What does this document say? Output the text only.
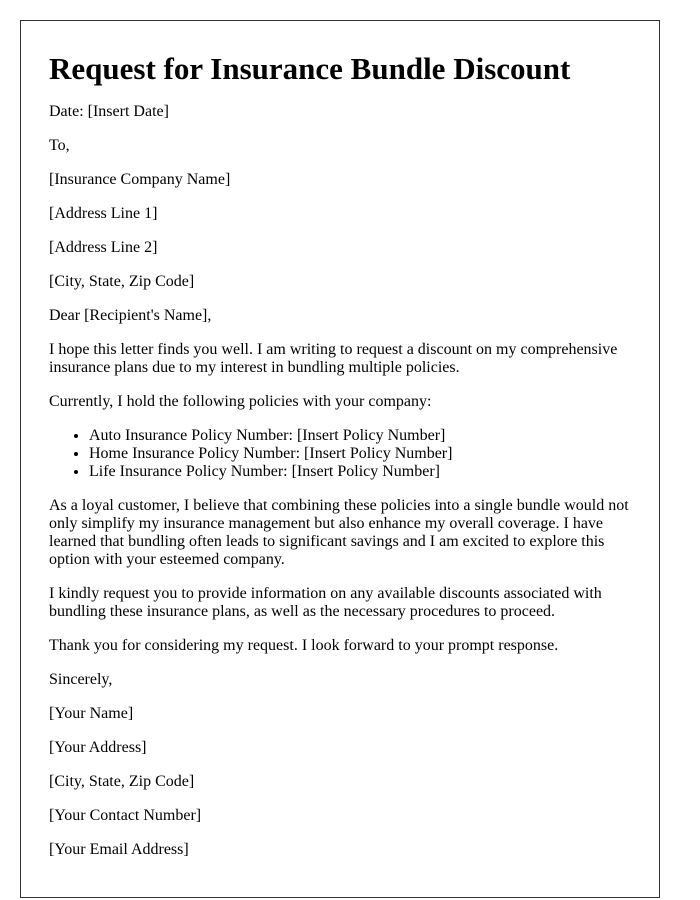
Request for Insurance Bundle Discount

Date: [Insert Date]

To,

[Insurance Company Name]

[Address Line 1]

[Address Line 2]

[City, State, Zip Code]

Dear [Recipient's Name],

I hope this letter finds you well. I am writing to request a discount on my comprehensive insurance plans due to my interest in bundling multiple policies.

Currently, I hold the following policies with your company:

• Auto Insurance Policy Number: [Insert Policy Number]
• Home Insurance Policy Number: [Insert Policy Number]
• Life Insurance Policy Number: [Insert Policy Number]

As a loyal customer, I believe that combining these policies into a single bundle would not only simplify my insurance management but also enhance my overall coverage. I have learned that bundling often leads to significant savings and I am excited to explore this option with your esteemed company.

I kindly request you to provide information on any available discounts associated with bundling these insurance plans, as well as the necessary procedures to proceed.

Thank you for considering my request. I look forward to your prompt response.

Sincerely,

[Your Name]

[Your Address]

[City, State, Zip Code]

[Your Contact Number]

[Your Email Address]
